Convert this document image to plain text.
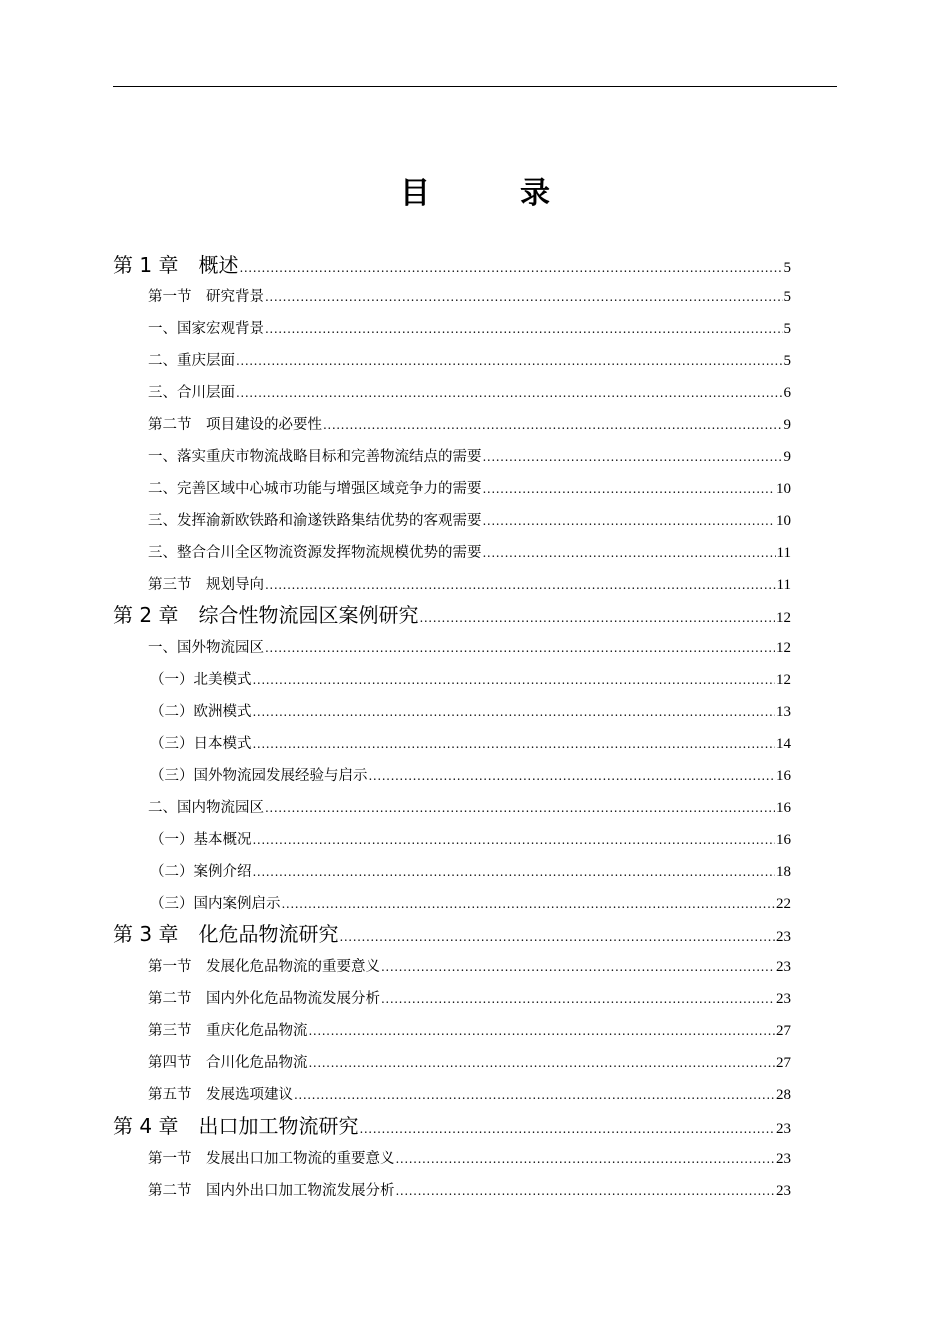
目　录
第 1 章　概述 .....	5
第一节　研究背景 .....	5
一、国家宏观背景 .....	5
二、重庆层面 .....	5
三、合川层面 .....	6
第二节　项目建设的必要性 .....	9
一、落实重庆市物流战略目标和完善物流结点的需要 .....	9
二、完善区域中心城市功能与增强区域竞争力的需要 .....	10
三、发挥渝新欧铁路和渝遂铁路集结优势的客观需要 .....	10
三、整合合川全区物流资源发挥物流规模优势的需要 .....	11
第三节　规划导向 .....	11
第 2 章　综合性物流园区案例研究 .....	12
一、国外物流园区 .....	12
（一）北美模式 .....	12
（二）欧洲模式 .....	13
（三）日本模式 .....	14
（三）国外物流园发展经验与启示 .....	16
二、国内物流园区 .....	16
（一）基本概况 .....	16
（二）案例介绍 .....	18
（三）国内案例启示 .....	22
第 3 章　化危品物流研究 .....	23
第一节　发展化危品物流的重要意义 .....	23
第二节　国内外化危品物流发展分析 .....	23
第三节　重庆化危品物流 .....	27
第四节　合川化危品物流 .....	27
第五节　发展选项建议 .....	28
第 4 章　出口加工物流研究 .....	23
第一节　发展出口加工物流的重要意义 .....	23
第二节　国内外出口加工物流发展分析 .....	23
